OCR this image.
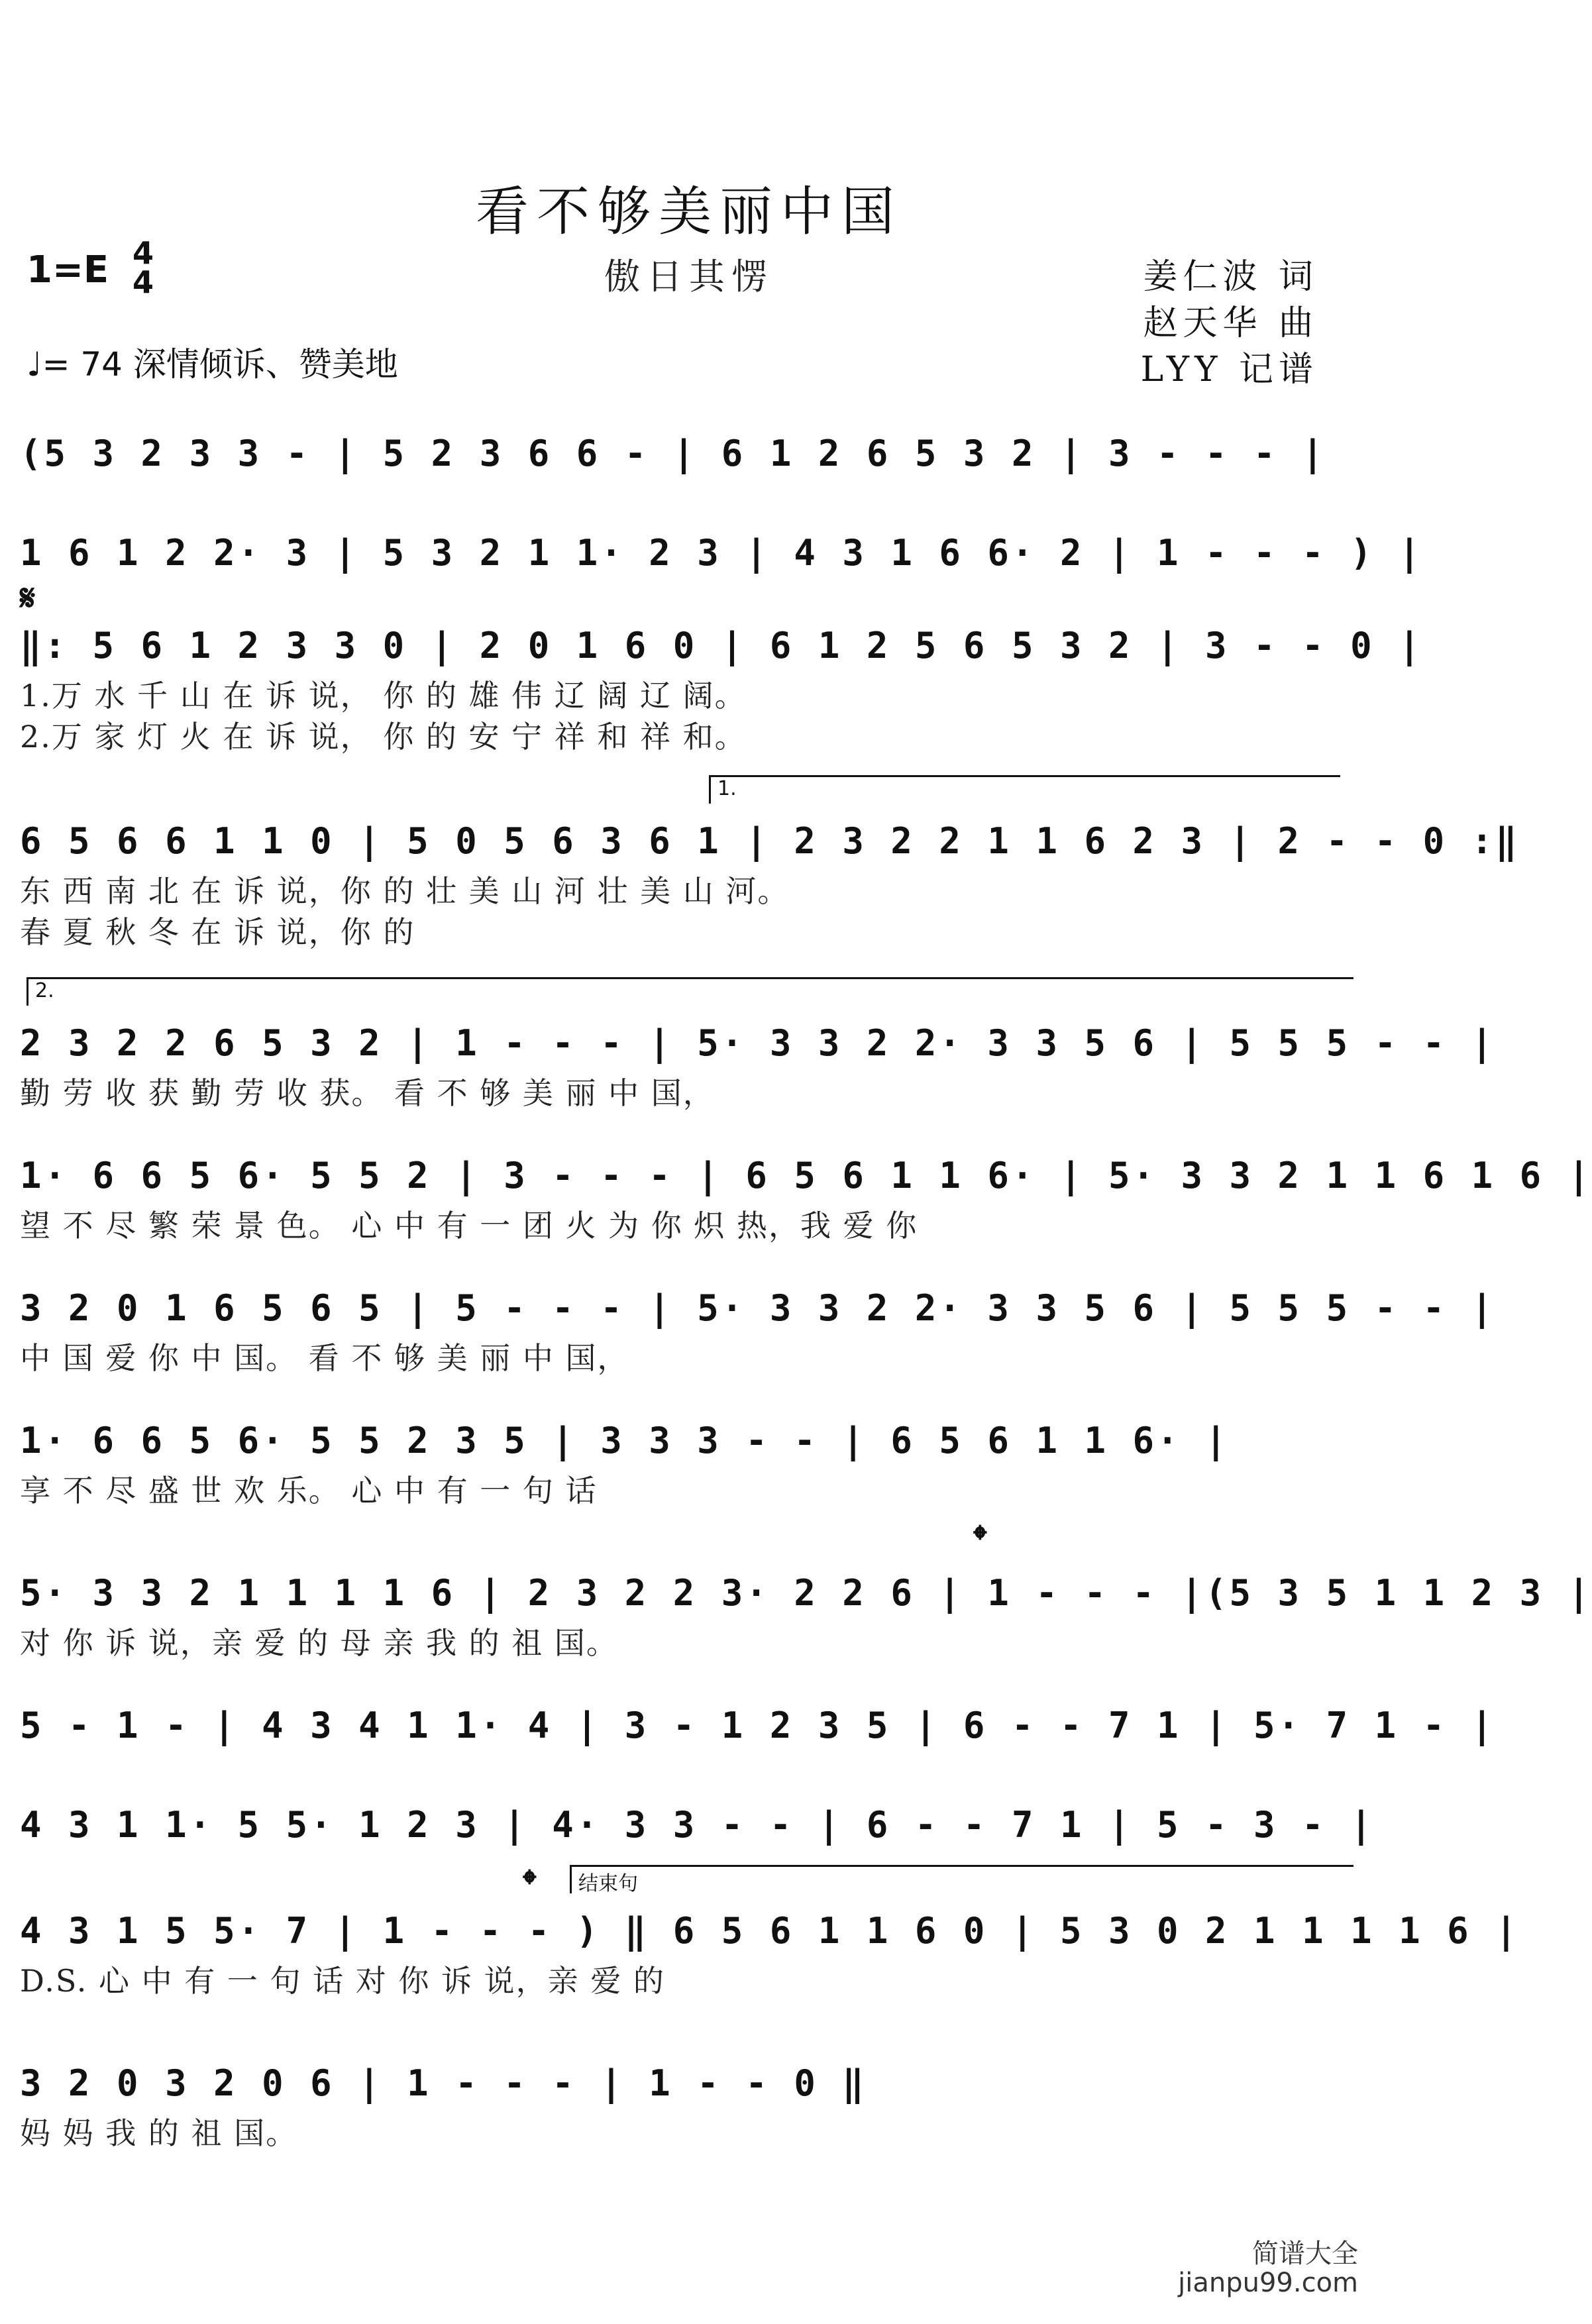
看不够美丽中国
傲日其愣
1=E 4
4
♩= 74 深情倾诉、赞美地
姜仁波 词
赵天华 曲
LYY 记谱
𝄋
𝄌
𝄌	结束句
1.
2.
(5 3 2 3 3 - | 5 2 3 6 6 - | 6 1 2 6 5 3 2 | 3 - - - |
1 6 1 2 2· 3 | 5 3 2 1 1· 2 3 | 4 3 1 6 6· 2 | 1 - - - ) |
‖: 5 6 1 2 3 3 0 | 2 0 1 6 0 | 6 1 2 5 6 5 3 2 | 3 - - 0 |
1.万 水 千 山 在 诉 说， 你 的 雄 伟 辽 阔 辽 阔。
2.万 家 灯 火 在 诉 说， 你 的 安 宁 祥 和 祥 和。
6 5 6 6 1 1 0 | 5 0 5 6 3 6 1 | 2 3 2 2 1 1 6 2 3 | 2 - - 0 :‖
东 西 南 北 在 诉 说，你 的 壮 美 山 河 壮 美 山 河。
春 夏 秋 冬 在 诉 说，你 的
2 3 2 2 6 5 3 2 | 1 - - - | 5· 3 3 2 2· 3 3 5 6 | 5 5 5 - - |
勤 劳 收 获 勤 劳 收 获。 看 不 够 美 丽 中 国，
1· 6 6 5 6· 5 5 2 | 3 - - - | 6 5 6 1 1 6· | 5· 3 3 2 1 1 6 1 6 |
望 不 尽 繁 荣 景 色。 心 中 有 一 团 火 为 你 炽 热，我 爱 你
3 2 0 1 6 5 6 5 | 5 - - - | 5· 3 3 2 2· 3 3 5 6 | 5 5 5 - - |
中 国 爱 你 中 国。 看 不 够 美 丽 中 国，
1· 6 6 5 6· 5 5 2 3 5 | 3 3 3 - - | 6 5 6 1 1 6· |
享 不 尽 盛 世 欢 乐。 心 中 有 一 句 话
5· 3 3 2 1 1 1 1 6 | 2 3 2 2 3· 2 2 6 | 1 - - - |(5 3 5 1 1 2 3 |
对 你 诉 说，亲 爱 的 母 亲 我 的 祖 国。
5 - 1 - | 4 3 4 1 1· 4 | 3 - 1 2 3 5 | 6 - - 7 1 | 5· 7 1 - |
4 3 1 1· 5 5· 1 2 3 | 4· 3 3 - - | 6 - - 7 1 | 5 - 3 - |
4 3 1 5 5· 7 | 1 - - - ) ‖ 6 5 6 1 1 6 0 | 5 3 0 2 1 1 1 1 6 |
D.S. 心 中 有 一 句 话 对 你 诉 说，亲 爱 的
3 2 0 3 2 0 6 | 1 - - - | 1 - - 0 ‖
妈 妈 我 的 祖 国。
简谱大全
jianpu99.com
